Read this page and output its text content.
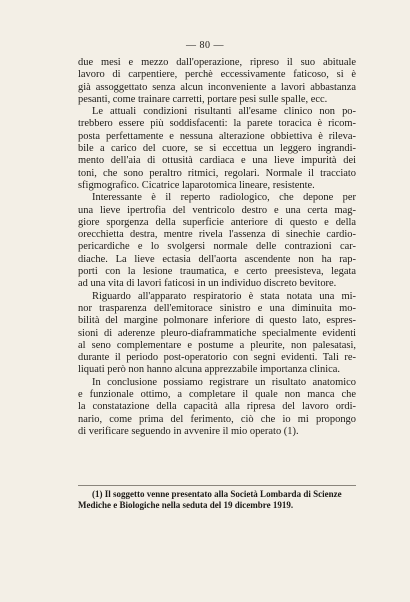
— 80 —
due mesi e mezzo dall'operazione, ripreso il suo abituale
lavoro di carpentiere, perchè eccessivamente faticoso, si è
già assoggettato senza alcun inconveniente a lavori abbastanza
pesanti, come trainare carretti, portare pesi sulle spalle, ecc.
Le attuali condizioni risultanti all'esame clinico non po-
trebbero essere più soddisfacenti: la parete toracica è ricom-
posta perfettamente e nessuna alterazione obbiettiva è rileva-
bile a carico del cuore, se si eccettua un leggero ingrandi-
mento dell'aia di ottusità cardiaca e una lieve impurità dei
toni, che sono peraltro ritmici, regolari. Normale il tracciato
sfigmografico. Cicatrice laparotomica lineare, resistente.
Interessante è il reperto radiologico, che depone per
una lieve ipertrofia del ventricolo destro e una certa mag-
giore sporgenza della superficie anteriore di questo e della
orecchietta destra, mentre rivela l'assenza di sinechie cardio-
pericardiche e lo svolgersi normale delle contrazioni car-
diache. La lieve ectasia dell'aorta ascendente non ha rap-
porti con la lesione traumatica, e certo preesisteva, legata
ad una vita di lavori faticosi in un individuo discreto bevitore.
Riguardo all'apparato respiratorio è stata notata una mi-
nor trasparenza dell'emitorace sinistro e una diminuita mo-
bilità del margine polmonare inferiore di questo lato, espres-
sioni di aderenze pleuro-diaframmatiche specialmente evidenti
al seno complementare e postume a pleurite, non palesatasi,
durante il periodo post-operatorio con segni evidenti. Tali re-
liquati però non hanno alcuna apprezzabile importanza clinica.
In conclusione possiamo registrare un risultato anatomico
e funzionale ottimo, a completare il quale non manca che
la constatazione della capacità alla ripresa del lavoro ordi-
nario, come prima del ferimento, ciò che io mi propongo
di verificare seguendo in avvenire il mio operato (1).
(1) Il soggetto venne presentato alla Società Lombarda di Scienze
Mediche e Biologiche nella seduta del 19 dicembre 1919.
